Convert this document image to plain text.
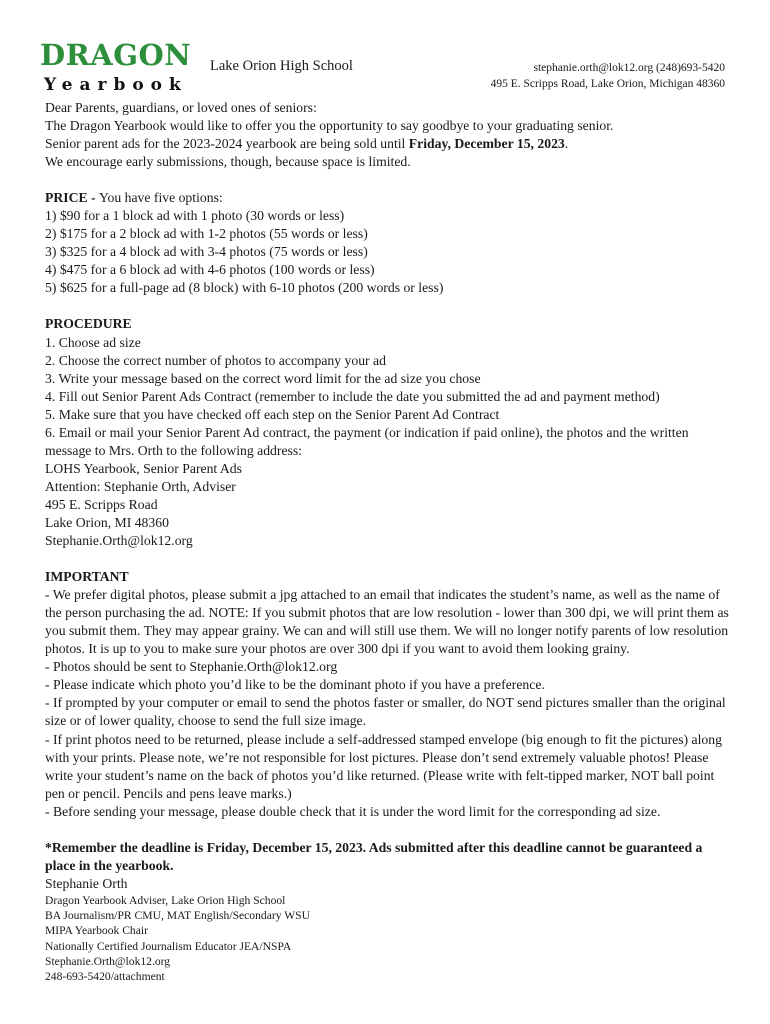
DRAGON
Yearbook
Lake Orion High School	stephanie.orth@lok12.org (248)693-5420
495 E. Scripps Road, Lake Orion, Michigan 48360

Dear Parents, guardians, or loved ones of seniors:

The Dragon Yearbook would like to offer you the opportunity to say goodbye to your graduating senior.

Senior parent ads for the 2023-2024 yearbook are being sold until Friday, December 15, 2023.

We encourage early submissions, though, because space is limited.

PRICE - You have five options:

1) $90 for a 1 block ad with 1 photo (30 words or less)

2) $175 for a 2 block ad with 1-2 photos (55 words or less)

3) $325 for a 4 block ad with 3-4 photos (75 words or less)

4) $475 for a 6 block ad with 4-6 photos (100 words or less)

5) $625 for a full-page ad (8 block) with 6-10 photos (200 words or less)

PROCEDURE

1. Choose ad size

2. Choose the correct number of photos to accompany your ad

3. Write your message based on the correct word limit for the ad size you chose

4. Fill out Senior Parent Ads Contract (remember to include the date you submitted the ad and payment method)

5. Make sure that you have checked off each step on the Senior Parent Ad Contract

6. Email or mail your Senior Parent Ad contract, the payment (or indication if paid online), the photos and the written message to Mrs. Orth to the following address:

LOHS Yearbook, Senior Parent Ads

Attention: Stephanie Orth, Adviser

495 E. Scripps Road

Lake Orion, MI 48360

Stephanie.Orth@lok12.org

IMPORTANT

- We prefer digital photos, please submit a jpg attached to an email that indicates the student’s name, as well as the name of the person purchasing the ad. NOTE: If you submit photos that are low resolution - lower than 300 dpi, we will print them as you submit them. They may appear grainy. We can and will still use them. We will no longer notify parents of low resolution photos. It is up to you to make sure your photos are over 300 dpi if you want to avoid them looking grainy.

- Photos should be sent to Stephanie.Orth@lok12.org

- Please indicate which photo you’d like to be the dominant photo if you have a preference.

- If prompted by your computer or email to send the photos faster or smaller, do NOT send pictures smaller than the original size or of lower quality, choose to send the full size image.

- If print photos need to be returned, please include a self-addressed stamped envelope (big enough to fit the pictures) along with your prints. Please note, we’re not responsible for lost pictures. Please don’t send extremely valuable photos! Please write your student’s name on the back of photos you’d like returned. (Please write with felt-tipped marker, NOT ball point pen or pencil. Pencils and pens leave marks.)

- Before sending your message, please double check that it is under the word limit for the corresponding ad size.

*Remember the deadline is Friday, December 15, 2023. Ads submitted after this deadline cannot be guaranteed a place in the yearbook.

Stephanie Orth

Dragon Yearbook Adviser, Lake Orion High School

BA Journalism/PR CMU, MAT English/Secondary WSU

MIPA Yearbook Chair

Nationally Certified Journalism Educator JEA/NSPA

Stephanie.Orth@lok12.org

248-693-5420/attachment
